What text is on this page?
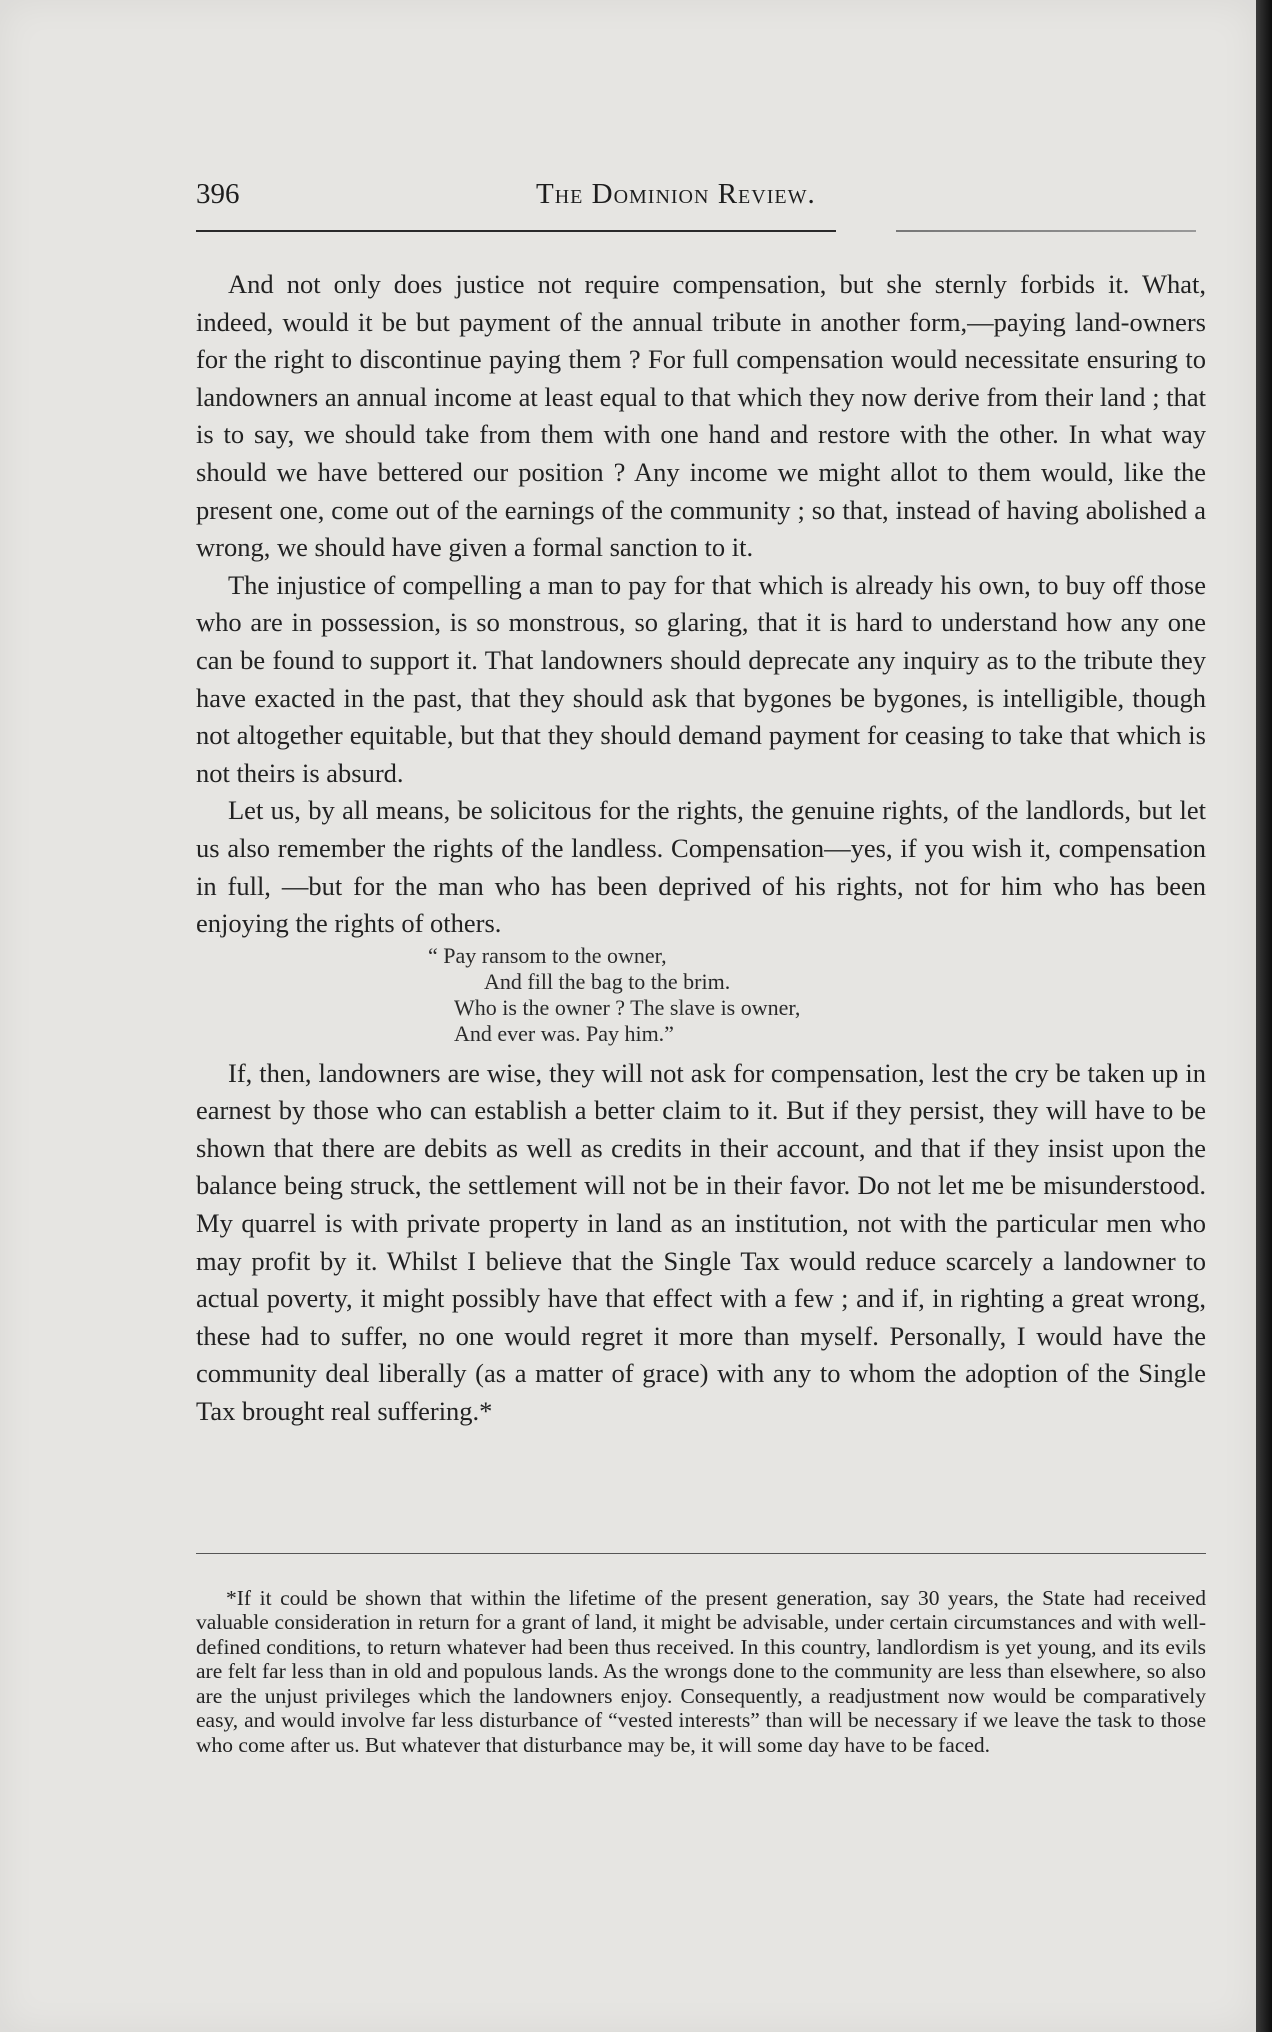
396	The Dominion Review.

And not only does justice not require compensation, but she sternly forbids it. What, indeed, would it be but payment of the annual tribute in another form,—paying land-owners for the right to discontinue paying them ? For full compensation would necessitate ensuring to landowners an annual income at least equal to that which they now derive from their land ; that is to say, we should take from them with one hand and restore with the other. In what way should we have bettered our position ? Any income we might allot to them would, like the present one, come out of the earnings of the community ; so that, instead of having abolished a wrong, we should have given a formal sanction to it.

The injustice of compelling a man to pay for that which is already his own, to buy off those who are in possession, is so monstrous, so glaring, that it is hard to understand how any one can be found to support it. That landowners should deprecate any inquiry as to the tribute they have exacted in the past, that they should ask that bygones be bygones, is intelligible, though not altogether equitable, but that they should demand payment for ceasing to take that which is not theirs is absurd.

Let us, by all means, be solicitous for the rights, the genuine rights, of the landlords, but let us also remember the rights of the landless. Compensation—yes, if you wish it, compensation in full, —but for the man who has been deprived of his rights, not for him who has been enjoying the rights of others.

“ Pay ransom to the owner,
And fill the bag to the brim.
Who is the owner ? The slave is owner,
And ever was. Pay him.”

If, then, landowners are wise, they will not ask for compensation, lest the cry be taken up in earnest by those who can establish a better claim to it. But if they persist, they will have to be shown that there are debits as well as credits in their account, and that if they insist upon the balance being struck, the settlement will not be in their favor. Do not let me be misunderstood. My quarrel is with private property in land as an institution, not with the particular men who may profit by it. Whilst I believe that the Single Tax would reduce scarcely a landowner to actual poverty, it might possibly have that effect with a few ; and if, in righting a great wrong, these had to suffer, no one would regret it more than myself. Personally, I would have the community deal liberally (as a matter of grace) with any to whom the adoption of the Single Tax brought real suffering.*

*If it could be shown that within the lifetime of the present generation, say 30 years, the State had received valuable consideration in return for a grant of land, it might be advisable, under certain circumstances and with well-defined conditions, to return whatever had been thus received. In this country, landlordism is yet young, and its evils are felt far less than in old and populous lands. As the wrongs done to the community are less than elsewhere, so also are the unjust privileges which the landowners enjoy. Consequently, a readjustment now would be comparatively easy, and would involve far less disturbance of “vested interests” than will be necessary if we leave the task to those who come after us. But whatever that disturbance may be, it will some day have to be faced.
